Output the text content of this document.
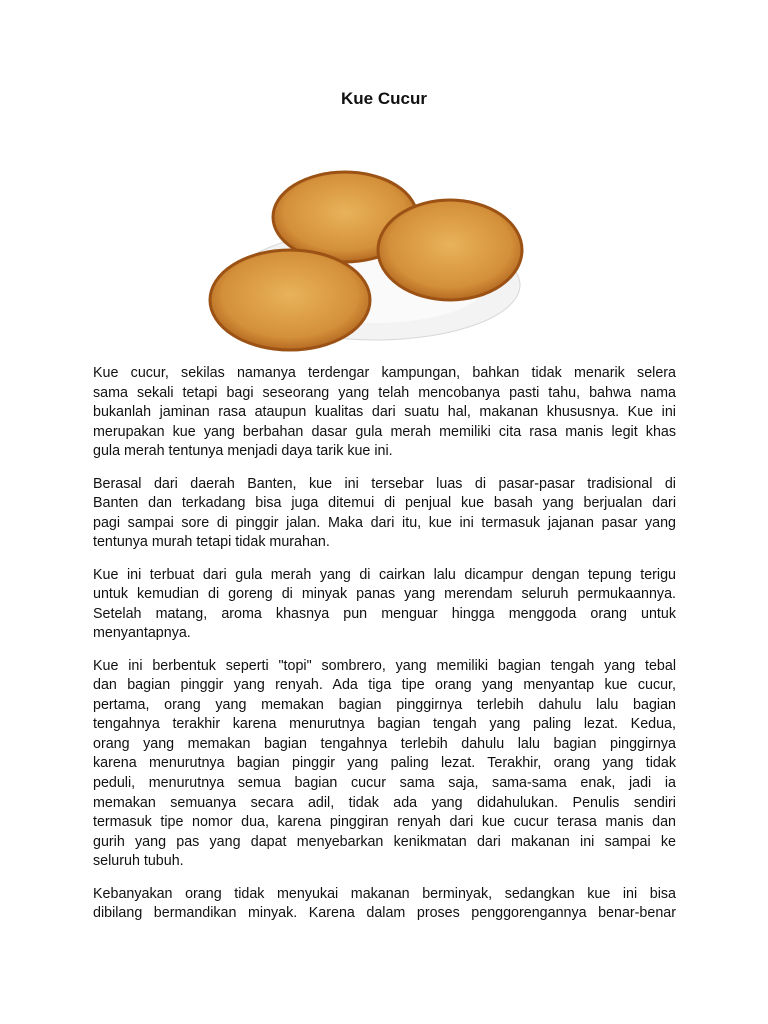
Kue Cucur
Kue cucur, sekilas namanya terdengar kampungan, bahkan tidak menarik selera
sama sekali tetapi bagi seseorang yang telah mencobanya pasti tahu, bahwa nama
bukanlah jaminan rasa ataupun kualitas dari suatu hal, makanan khususnya. Kue ini
merupakan kue yang berbahan dasar gula merah memiliki cita rasa manis legit khas
gula merah tentunya menjadi daya tarik kue ini.
Berasal dari daerah Banten, kue ini tersebar luas di pasar-pasar tradisional di
Banten dan terkadang bisa juga ditemui di penjual kue basah yang berjualan dari
pagi sampai sore di pinggir jalan. Maka dari itu, kue ini termasuk jajanan pasar yang
tentunya murah tetapi tidak murahan.
Kue ini terbuat dari gula merah yang di cairkan lalu dicampur dengan tepung terigu
untuk kemudian di goreng di minyak panas yang merendam seluruh permukaannya.
Setelah matang, aroma khasnya pun menguar hingga menggoda orang untuk
menyantapnya.
Kue ini berbentuk seperti "topi" sombrero, yang memiliki bagian tengah yang tebal
dan bagian pinggir yang renyah. Ada tiga tipe orang yang menyantap kue cucur,
pertama, orang yang memakan bagian pinggirnya terlebih dahulu lalu bagian
tengahnya terakhir karena menurutnya bagian tengah yang paling lezat. Kedua,
orang yang memakan bagian tengahnya terlebih dahulu lalu bagian pinggirnya
karena menurutnya bagian pinggir yang paling lezat. Terakhir, orang yang tidak
peduli, menurutnya semua bagian cucur sama saja, sama-sama enak, jadi ia
memakan semuanya secara adil, tidak ada yang didahulukan. Penulis sendiri
termasuk tipe nomor dua, karena pinggiran renyah dari kue cucur terasa manis dan
gurih yang pas yang dapat menyebarkan kenikmatan dari makanan ini sampai ke
seluruh tubuh.
Kebanyakan orang tidak menyukai makanan berminyak, sedangkan kue ini bisa
dibilang bermandikan minyak. Karena dalam proses penggorengannya benar-benar
